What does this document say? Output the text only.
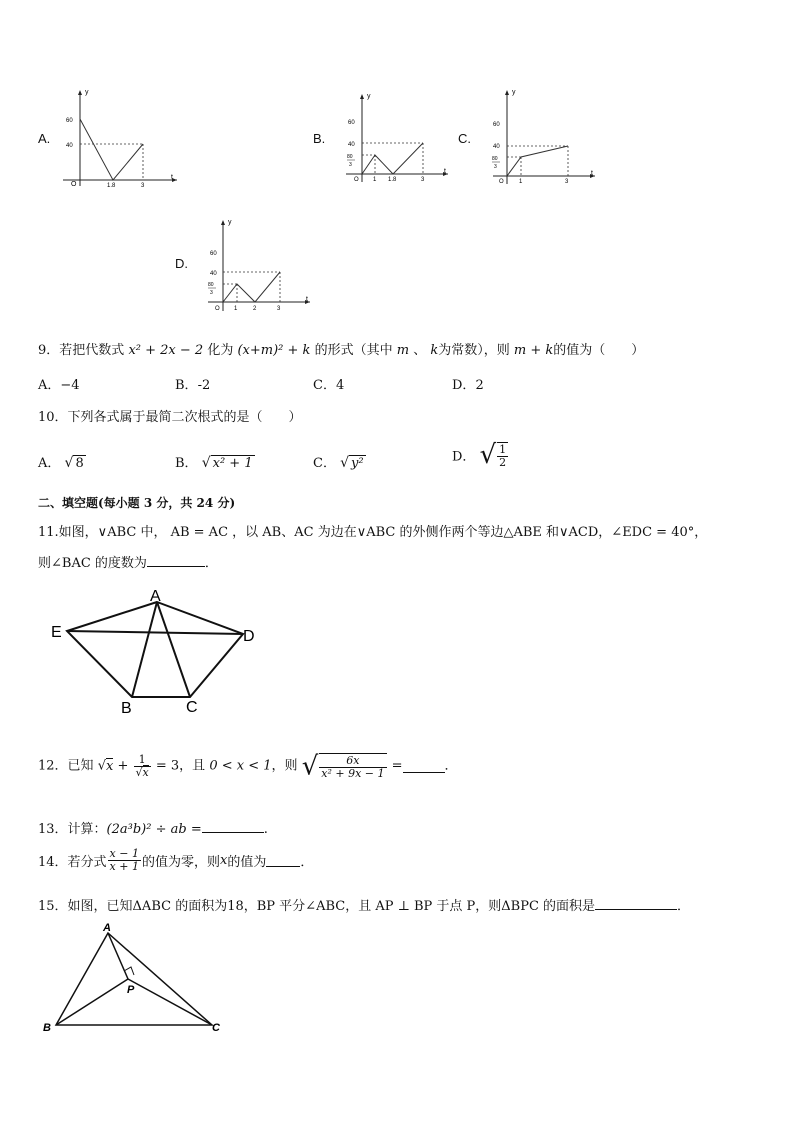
A.
y
t
O
60
40
1.8	3
B.
y
t
O
60
40
80
3
1 1.8	3
C.
y
t
O
60
40
80
3
1	3
D.
y
t
O
60
40
80
3
1	2	3
9．若把代数式 x² + 2x − 2 化为 (x+m)² + k 的形式（其中 m 、 k为常数），则 m + k的值为（　　）
A．−4	B．-2	C．4	D．2
10．下列各式属于最简二次根式的是（　　）
A． √ 8	B． √ x² + 1	C． √ y²	D． √ $\frac{1}{2}$
二、填空题(每小题 3 分，共 24 分)
11.如图，∨ABC 中， AB = AC ，以 AB、AC 为边在∨ABC 的外侧作两个等边△ABE 和∨ACD，∠EDC = 40°，
则∠BAC 的度数为	．
A
E	D
B	C
12．已知 $√x + \frac{1}{√x} = 3$，且 0 < x < 1，则 √ $\frac{6x}{\text{x² + 9x − 1}}$ =	．
13．计算：(2a³b)² ÷ ab =	.
14．若分式 $\frac{x - 1}{x + 1}$ 的值为零，则x的值为	．
15．如图，已知ΔABC 的面积为18，BP 平分∠ABC，且 AP ⊥ BP 于点 P，则ΔBPC 的面积是	．
A
B	C
P
